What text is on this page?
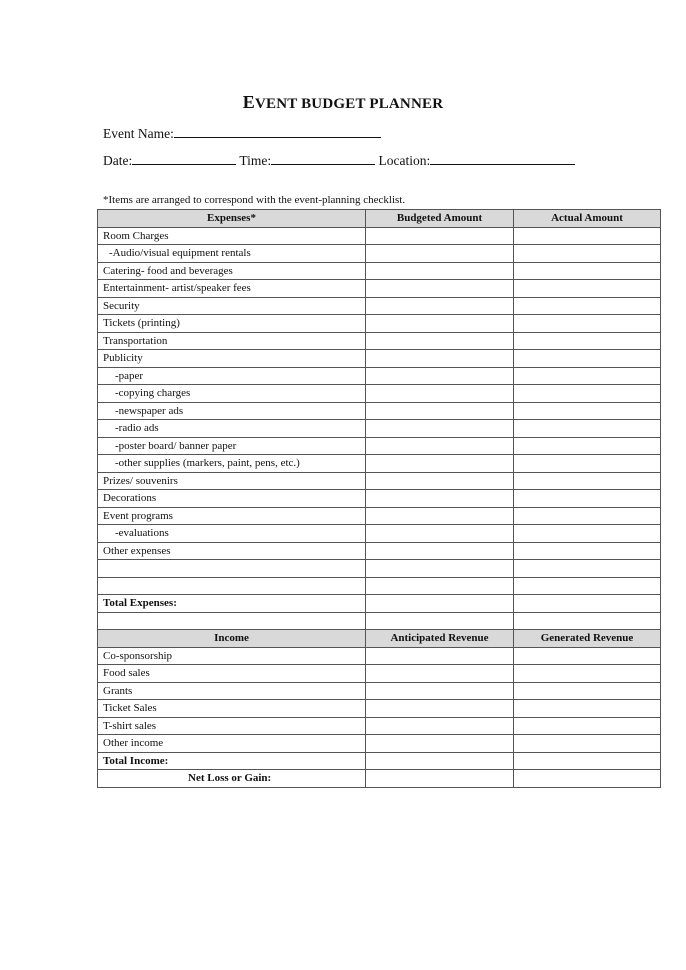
EVENT BUDGET PLANNER
Event Name:
Date:	Time:	Location:
*Items are arranged to correspond with the event-planning checklist.
Expenses*	Budgeted Amount	Actual Amount
Room Charges		
-Audio/visual equipment rentals		
Catering- food and beverages		
Entertainment- artist/speaker fees		
Security		
Tickets (printing)		
Transportation		
Publicity		
-paper		
-copying charges		
-newspaper ads		
-radio ads		
-poster board/ banner paper		
-other supplies (markers, paint, pens, etc.)		
Prizes/ souvenirs		
Decorations		
Event programs		
-evaluations		
Other expenses		

Total Expenses:		

Income	Anticipated Revenue	Generated Revenue
Co-sponsorship		
Food sales		
Grants		
Ticket Sales		
T-shirt sales		
Other income		
Total Income:		
Net Loss or Gain:		
